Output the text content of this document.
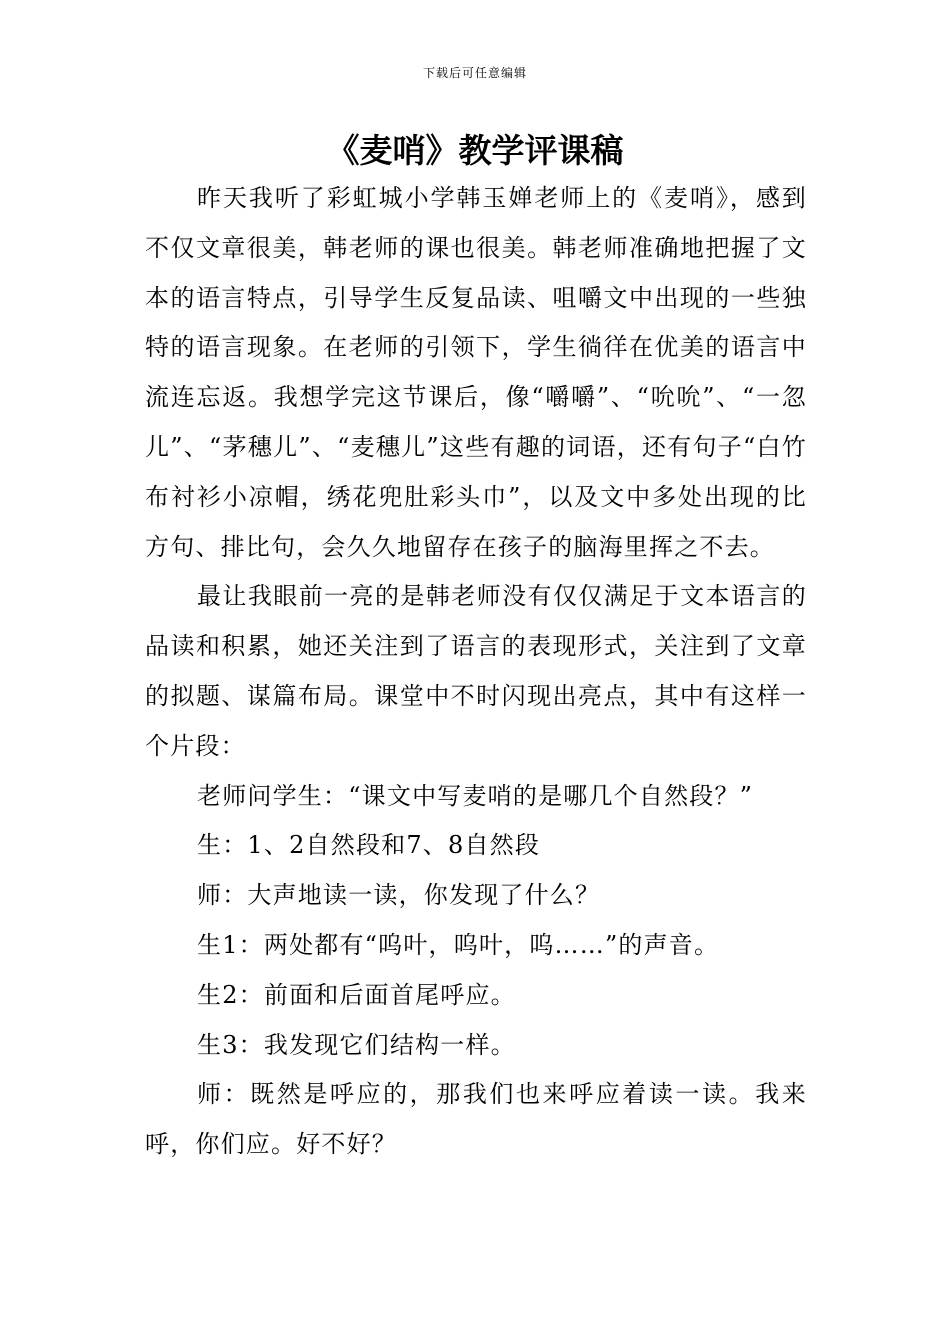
下载后可任意编辑
《麦哨》教学评课稿

昨天我听了彩虹城小学韩玉婵老师上的《麦哨》，感到不仅文章很美，韩老师的课也很美。韩老师准确地把握了文本的语言特点，引导学生反复品读、咀嚼文中出现的一些独特的语言现象。在老师的引领下，学生徜徉在优美的语言中流连忘返。我想学完这节课后，像“嚼嚼”、“吮吮”、“一忽儿”、“茅穗儿”、“麦穗儿”这些有趣的词语，还有句子“白竹布衬衫小凉帽，绣花兜肚彩头巾”，以及文中多处出现的比方句、排比句，会久久地留存在孩子的脑海里挥之不去。

最让我眼前一亮的是韩老师没有仅仅满足于文本语言的品读和积累，她还关注到了语言的表现形式，关注到了文章的拟题、谋篇布局。课堂中不时闪现出亮点，其中有这样一个片段：

老师问学生：“课文中写麦哨的是哪几个自然段？”

生：1、2自然段和7、8自然段

师：大声地读一读，你发现了什么？

生1：两处都有“呜叶，呜叶，呜……”的声音。

生2：前面和后面首尾呼应。

生3：我发现它们结构一样。

师：既然是呼应的，那我们也来呼应着读一读。我来呼，你们应。好不好？
